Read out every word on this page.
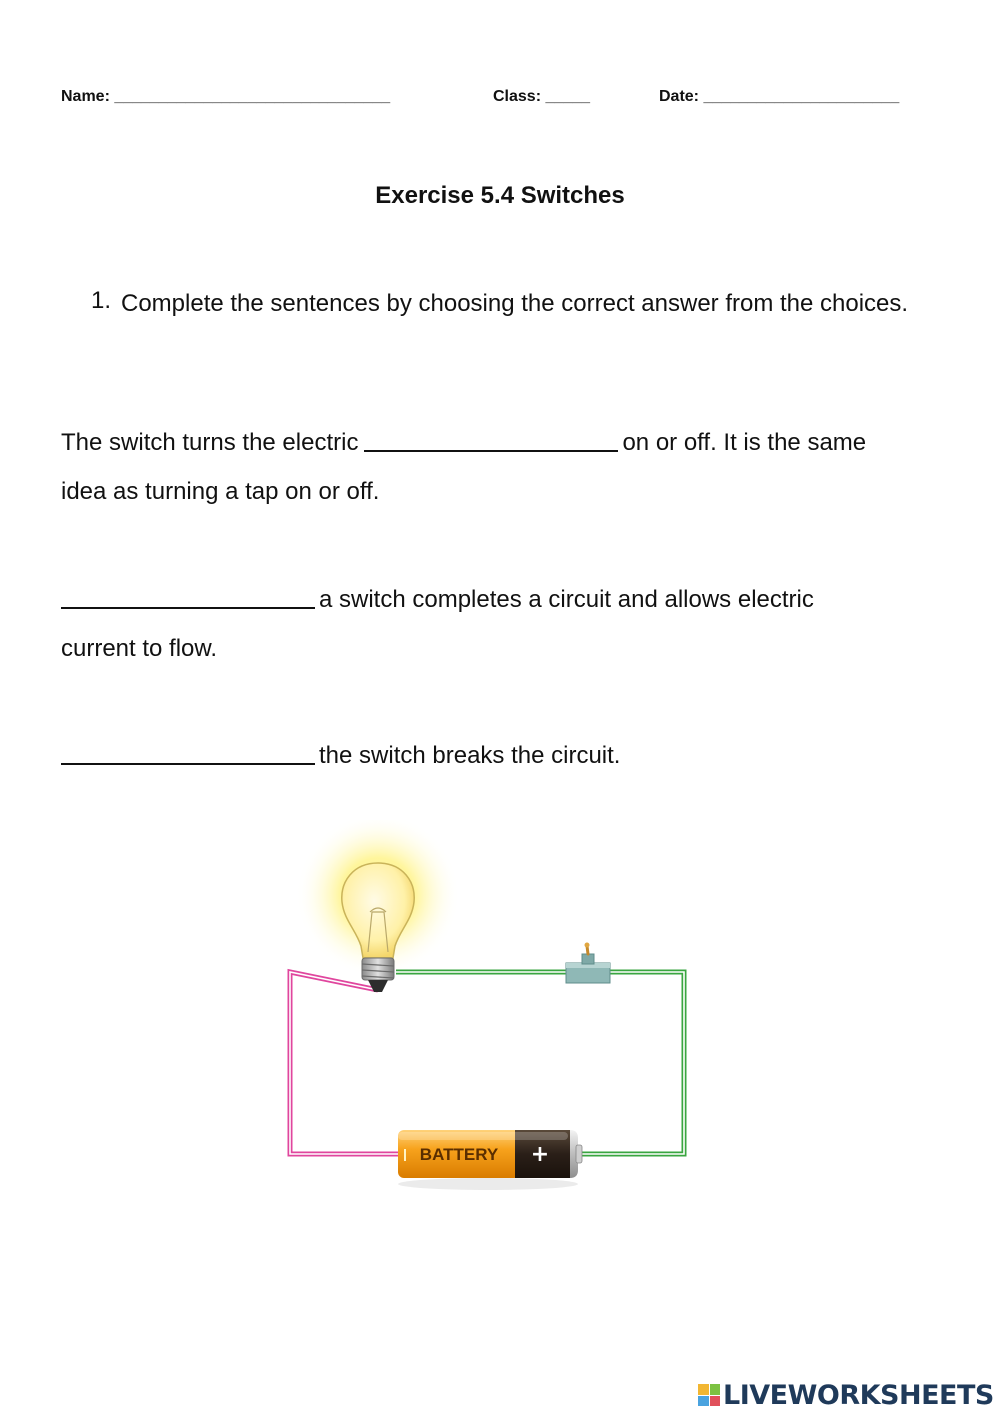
Name: _______________________________	Class: _____	Date: ______________________
Exercise 5.4 Switches
1. Complete the sentences by choosing the correct answer from the choices.
The switch turns the electric	on or off. It is the same
idea as turning a tap on or off.
a switch completes a circuit and allows electric
current to flow.
the switch breaks the circuit.
BATTERY +
LIVEWORKSHEETS
